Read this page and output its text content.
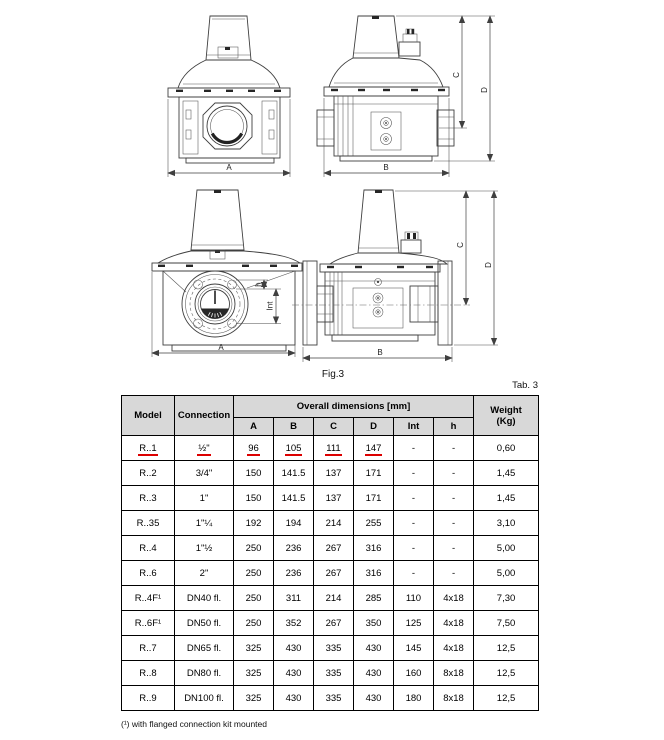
A	B
C
D
h
Int
A
B
C
D
Fig.3
Tab. 3
Model	Connection	Overall dimensions [mm]						Weight
(Kg)

		A	B	C	D	Int	h	
R..1	½"	96	105	111	147	-	-	0,60
R..2	3/4"	150	141.5	137	171	-	-	1,45
R..3	1"	150	141.5	137	171	-	-	1,45
R..35	1"¼	192	194	214	255	-	-	3,10
R..4	1"½	250	236	267	316	-	-	5,00
R..6	2"	250	236	267	316	-	-	5,00
R..4F¹	DN40 fl.	250	311	214	285	110	4x18	7,30
R..6F¹	DN50 fl.	250	352	267	350	125	4x18	7,50
R..7	DN65 fl.	325	430	335	430	145	4x18	12,5
R..8	DN80 fl.	325	430	335	430	160	8x18	12,5
R..9	DN100 fl.	325	430	335	430	180	8x18	12,5
(¹) with flanged connection kit mounted
